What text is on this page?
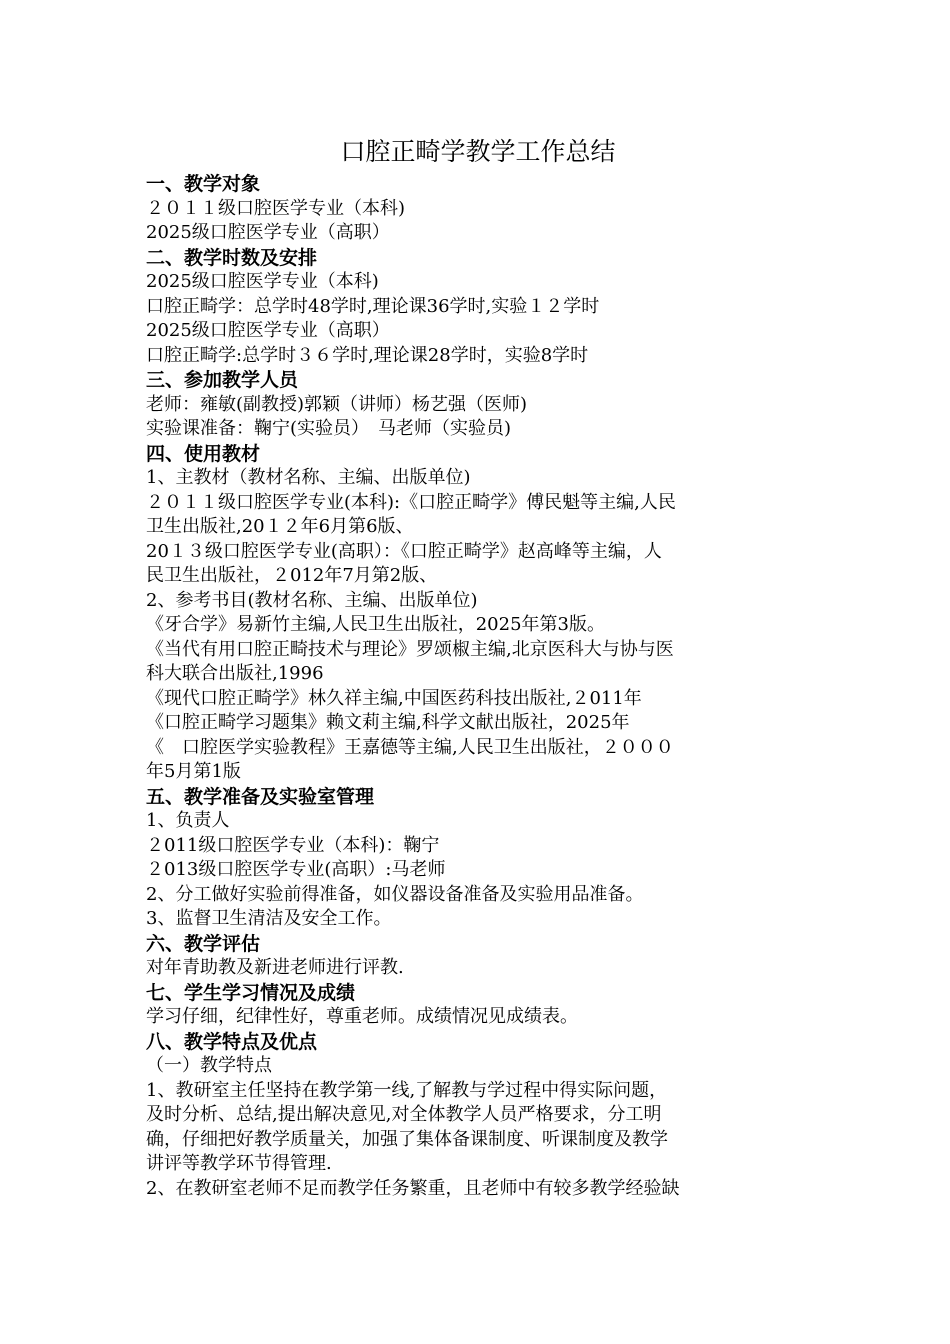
口腔正畸学教学工作总结
一、教学对象
２０１１级口腔医学专业（本科)
2025级口腔医学专业（高职）
二、教学时数及安排
2025级口腔医学专业（本科)
口腔正畸学：总学时48学时,理论课36学时,实验１２学时
2025级口腔医学专业（高职）
口腔正畸学:总学时３６学时,理论课28学时，实验8学时
三、参加教学人员
老师：雍敏(副教授)郭颖（讲师）杨艺强（医师)
实验课准备：鞠宁(实验员）　马老师（实验员)
四、使用教材
1、主教材（教材名称、主编、出版单位)
２０１１级口腔医学专业(本科):《口腔正畸学》傅民魁等主编,人民
卫生出版社,20１２年6月第6版、
20１３级口腔医学专业(高职）：《口腔正畸学》赵高峰等主编，人
民卫生出版社，２012年7月第2版、
2、参考书目(教材名称、主编、出版单位)
《牙合学》易新竹主编,人民卫生出版社，2025年第3版。
《当代有用口腔正畸技术与理论》罗颂椒主编,北京医科大与协与医
科大联合出版社,1996
《现代口腔正畸学》林久祥主编,中国医药科技出版社,２011年
《口腔正畸学习题集》赖文莉主编,科学文献出版社，2025年
《　口腔医学实验教程》王嘉德等主编,人民卫生出版社，２０００
年5月第1版
五、教学准备及实验室管理
1、负责人
２011级口腔医学专业（本科)：鞠宁
２013级口腔医学专业(高职）:马老师
2、分工做好实验前得准备，如仪器设备准备及实验用品准备。
3、监督卫生清洁及安全工作。
六、教学评估
对年青助教及新进老师进行评教.
七、学生学习情况及成绩
学习仔细，纪律性好，尊重老师。成绩情况见成绩表。
八、教学特点及优点
（一）教学特点
1、教研室主任坚持在教学第一线,了解教与学过程中得实际问题，
及时分析、总结,提出解决意见,对全体教学人员严格要求，分工明
确，仔细把好教学质量关，加强了集体备课制度、听课制度及教学
讲评等教学环节得管理.
2、在教研室老师不足而教学任务繁重，且老师中有较多教学经验缺
